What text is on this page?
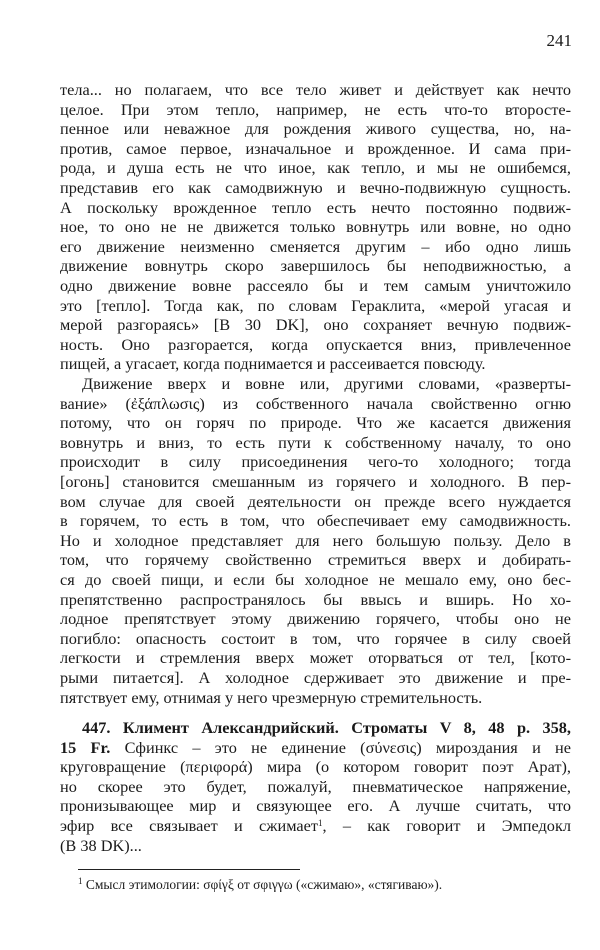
241
тела... но полагаем, что все тело живет и действует как нечто
целое. При этом тепло, например, не есть что-то второсте-
пенное или неважное для рождения живого существа, но, на-
против, самое первое, изначальное и врожденное. И сама при-
рода, и душа есть не что иное, как тепло, и мы не ошибемся,
представив его как самодвижную и вечно-подвижную сущность.
А поскольку врожденное тепло есть нечто постоянно подвиж-
ное, то оно не не движется только вовнутрь или вовне, но одно
его движение неизменно сменяется другим – ибо одно лишь
движение вовнутрь скоро завершилось бы неподвижностью, а
одно движение вовне рассеяло бы и тем самым уничтожило
это [тепло]. Тогда как, по словам Гераклита, «мерой угасая и
мерой разгораясь» [B 30 DK], оно сохраняет вечную подвиж-
ность. Оно разгорается, когда опускается вниз, привлеченное
пищей, а угасает, когда поднимается и рассеивается повсюду.
Движение вверх и вовне или, другими словами, «разверты-
вание» (ἐξάπλωσις) из собственного начала свойственно огню
потому, что он горяч по природе. Что же касается движения
вовнутрь и вниз, то есть пути к собственному началу, то оно
происходит в силу присоединения чего-то холодного; тогда
[огонь] становится смешанным из горячего и холодного. В пер-
вом случае для своей деятельности он прежде всего нуждается
в горячем, то есть в том, что обеспечивает ему самодвижность.
Но и холодное представляет для него большую пользу. Дело в
том, что горячему свойственно стремиться вверх и добирать-
ся до своей пищи, и если бы холодное не мешало ему, оно бес-
препятственно распространялось бы ввысь и вширь. Но хо-
лодное препятствует этому движению горячего, чтобы оно не
погибло: опасность состоит в том, что горячее в силу своей
легкости и стремления вверх может оторваться от тел, [кото-
рыми питается]. А холодное сдерживает это движение и пре-
пятствует ему, отнимая у него чрезмерную стремительность.
447. Климент Александрийский. Строматы V 8, 48 p. 358,
15 Fr. Сфинкс – это не единение (σύνεσις) мироздания и не
круговращение (περιφορά) мира (о котором говорит поэт Арат),
но скорее это будет, пожалуй, пневматическое напряжение,
пронизывающее мир и связующее его. А лучше считать, что
эфир все связывает и сжимает$^1$, – как говорит и Эмпедокл
(B 38 DK)...
$^1$ Смысл этимологии: σφίγξ от σφιγγω («сжимаю», «стягиваю»).
